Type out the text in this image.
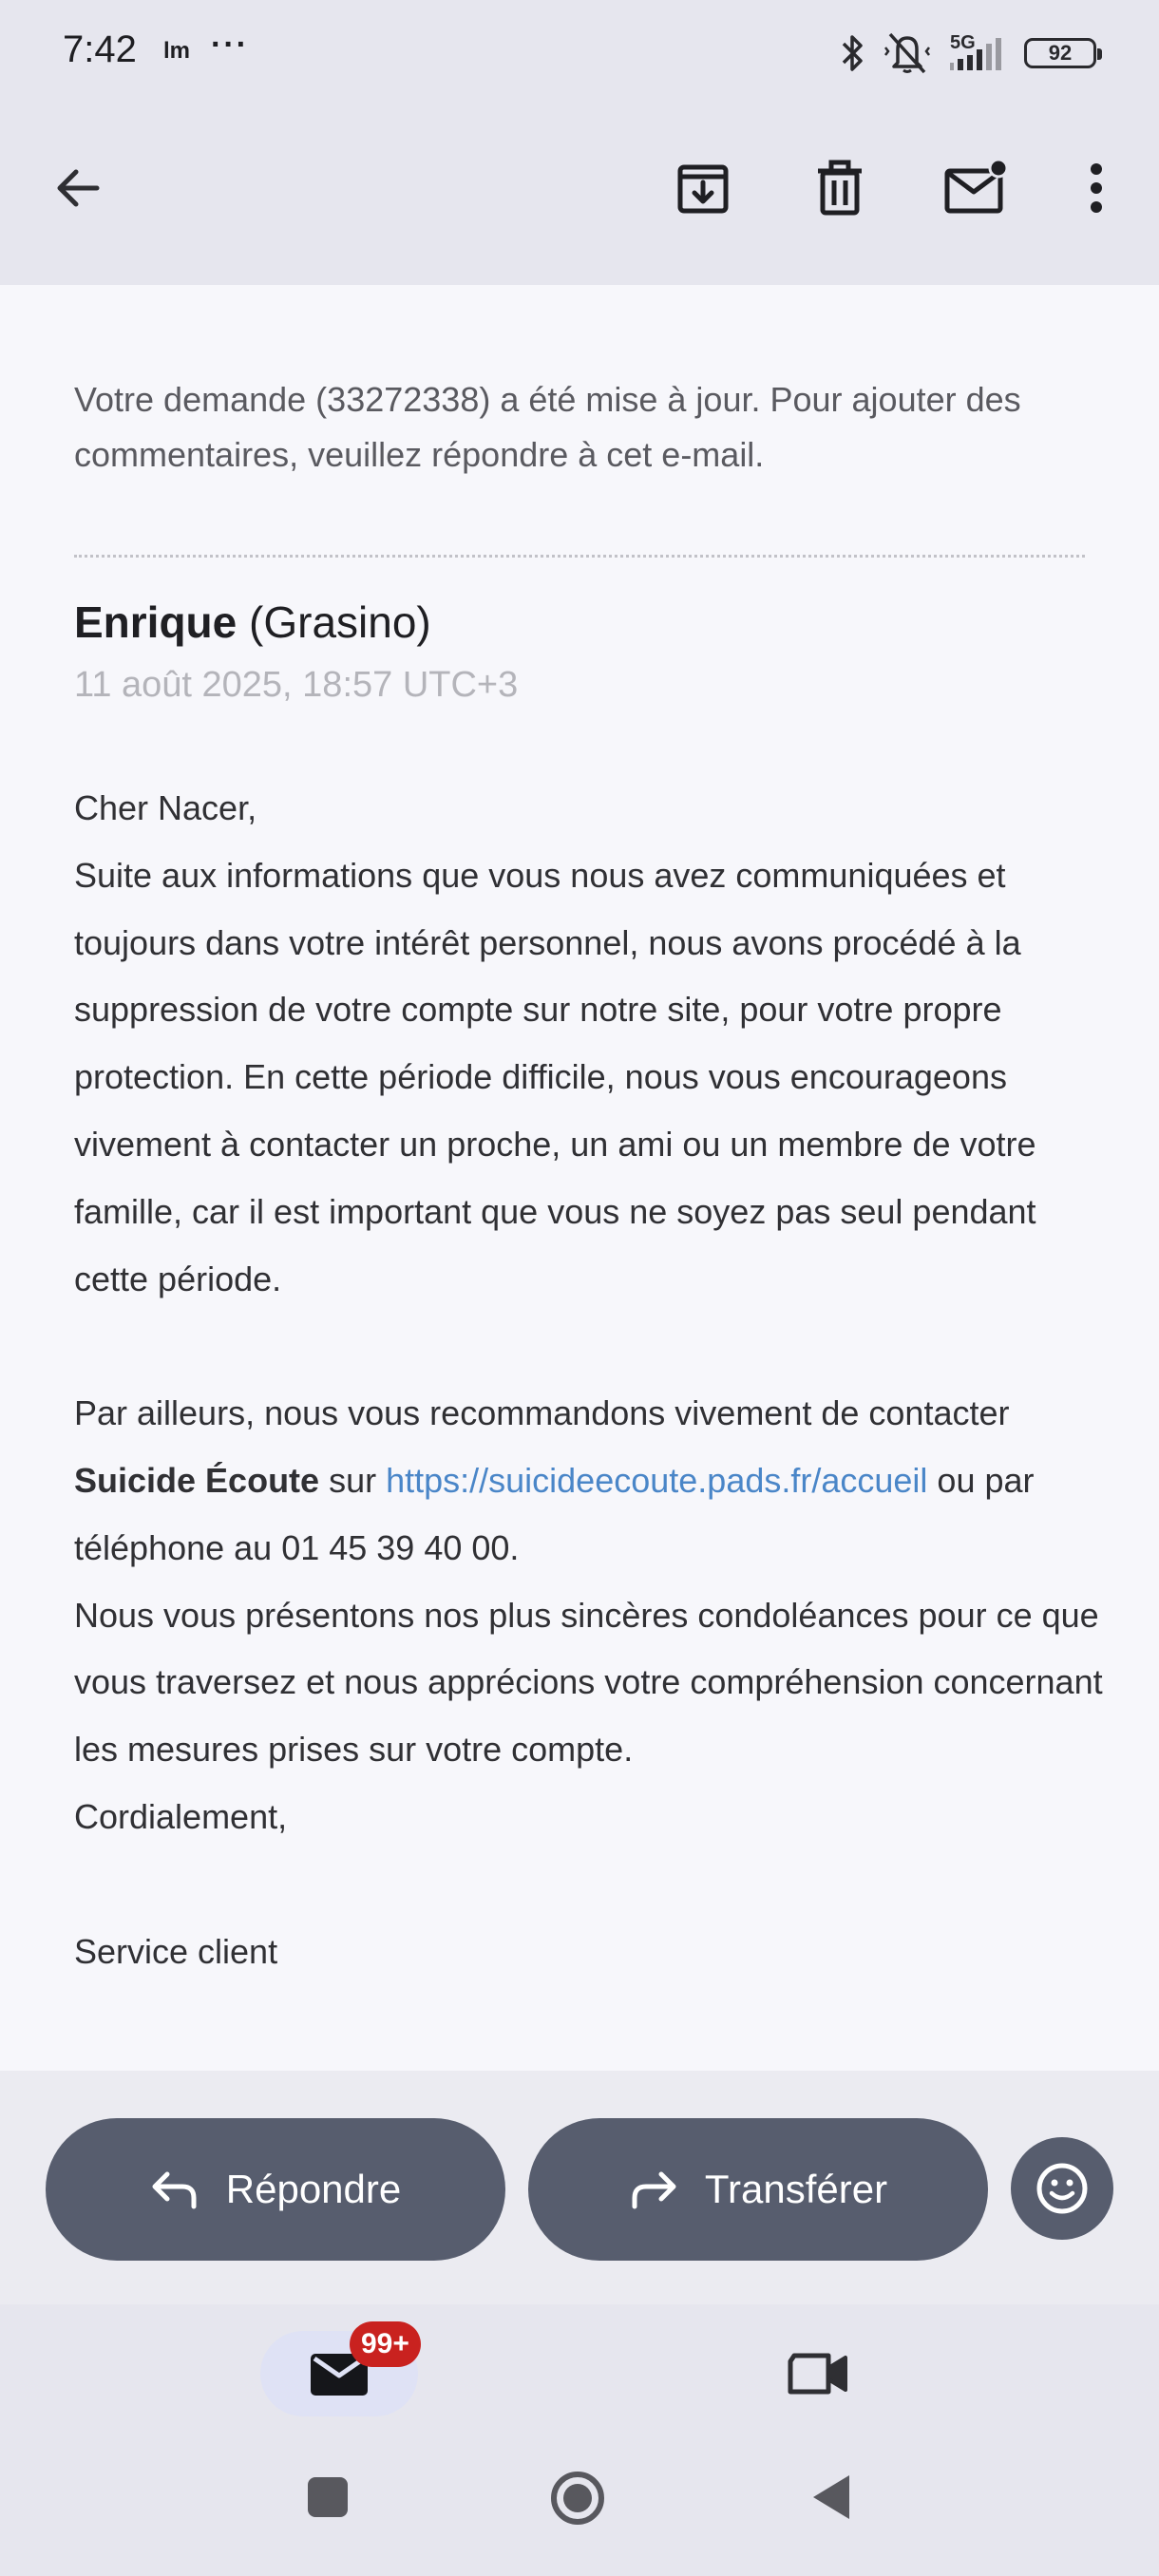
7:42 lm ···	5G	92
Votre demande (33272338) a été mise à jour. Pour ajouter des commentaires, veuillez répondre à cet e-mail.
Enrique (Grasino)
11 août 2025, 18:57 UTC+3

Cher Nacer,

Suite aux informations que vous nous avez communiquées et toujours dans votre intérêt personnel, nous avons procédé à la suppression de votre compte sur notre site, pour votre propre protection. En cette période difficile, nous vous encourageons vivement à contacter un proche, un ami ou un membre de votre famille, car il est important que vous ne soyez pas seul pendant cette période.

Par ailleurs, nous vous recommandons vivement de contacter Suicide Écoute sur https://suicideecoute.pads.fr/accueil ou par téléphone au 01 45 39 40 00.

Nous vous présentons nos plus sincères condoléances pour ce que vous traversez et nous apprécions votre compréhension concernant les mesures prises sur votre compte.

Cordialement,

Service client

Répondre	Transférer
99+
